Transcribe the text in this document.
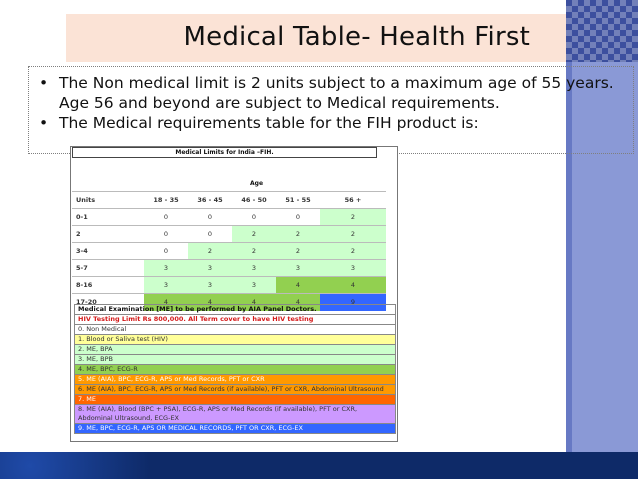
Medical Table- Health First
• The Non medical limit is 2 units subject to a maximum age of 55 years. Age 56 and beyond are subject to Medical requirements.
• The Medical requirements table for the FIH product is:
Medical Limits for India –FIH.
Age
Units	18 - 35	36 - 45	46 - 50	51 - 55	56 +
0-1	0	0	0	0	2
2	0	0	2	2	2
3-4	0	2	2	2	2
5-7	3	3	3	3	3
8-16	3	3	3	4	4
17-20	4	4	4	4	9
Medical Examination [ME] to be performed by AIA Panel Doctors.
HIV Testing Limit Rs 800,000. All Term cover to have HIV testing
0. Non Medical
1. Blood or Saliva test (HIV)
2. ME, BPA
3. ME, BPB
4. ME, BPC, ECG-R
5. ME (AIA), BPC, ECG-R, APS or Med Records, PFT or CXR
6. ME (AIA), BPC, ECG-R, APS or Med Records (if available), PFT or CXR, Abdominal Ultrasound
7. ME
8. ME (AIA), Blood (BPC + PSA), ECG-R, APS or Med Records (if available), PFT or CXR, Abdominal Ultrasound, ECG-EX
9. ME, BPC, ECG-R, APS OR MEDICAL RECORDS, PFT OR CXR, ECG-EX
